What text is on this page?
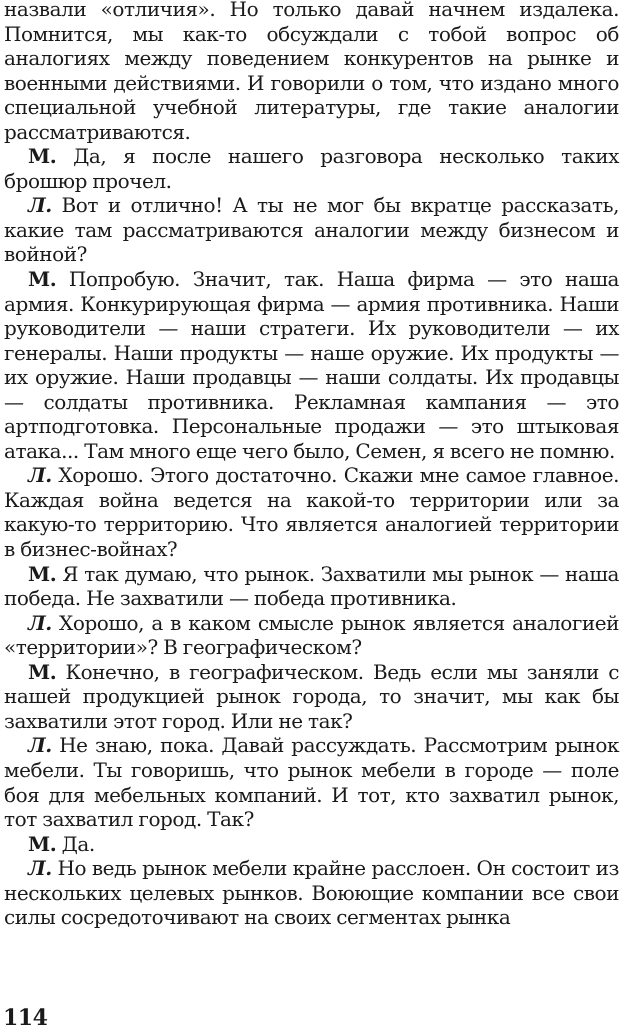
назвали «отличия». Но только давай начнем издалека. Помнится, мы как-то обсуждали с тобой вопрос об аналогиях между поведением конкурентов на рынке и военными действиями. И говорили о том, что издано много специальной учебной литературы, где такие аналогии рассматриваются.

М. Да, я после нашего разговора несколько таких брошюр прочел.

Л. Вот и отлично! А ты не мог бы вкратце рассказать, какие там рассматриваются аналогии между бизнесом и войной?

М. Попробую. Значит, так. Наша фирма — это наша армия. Конкурирующая фирма — армия противника. Наши руководители — наши стратеги. Их руководители — их генералы. Наши продукты — наше оружие. Их продукты — их оружие. Наши продавцы — наши солдаты. Их продавцы — солдаты противника. Рекламная кампания — это артподготовка. Персональные продажи — это штыковая атака... Там много еще чего было, Семен, я всего не помню.

Л. Хорошо. Этого достаточно. Скажи мне самое главное. Каждая война ведется на какой-то территории или за какую-то территорию. Что является аналогией территории в бизнес-войнах?

М. Я так думаю, что рынок. Захватили мы рынок — наша победа. Не захватили — победа противника.

Л. Хорошо, а в каком смысле рынок является аналогией «территории»? В географическом?

М. Конечно, в географическом. Ведь если мы заняли с нашей продукцией рынок города, то значит, мы как бы захватили этот город. Или не так?

Л. Не знаю, пока. Давай рассуждать. Рассмотрим рынок мебели. Ты говоришь, что рынок мебели в городе — поле боя для мебельных компаний. И тот, кто захватил рынок, тот захватил город. Так?

М. Да.

Л. Но ведь рынок мебели крайне расслоен. Он состоит из нескольких целевых рынков. Воюющие компании все свои силы сосредоточивают на своих сегментах рынка

114
